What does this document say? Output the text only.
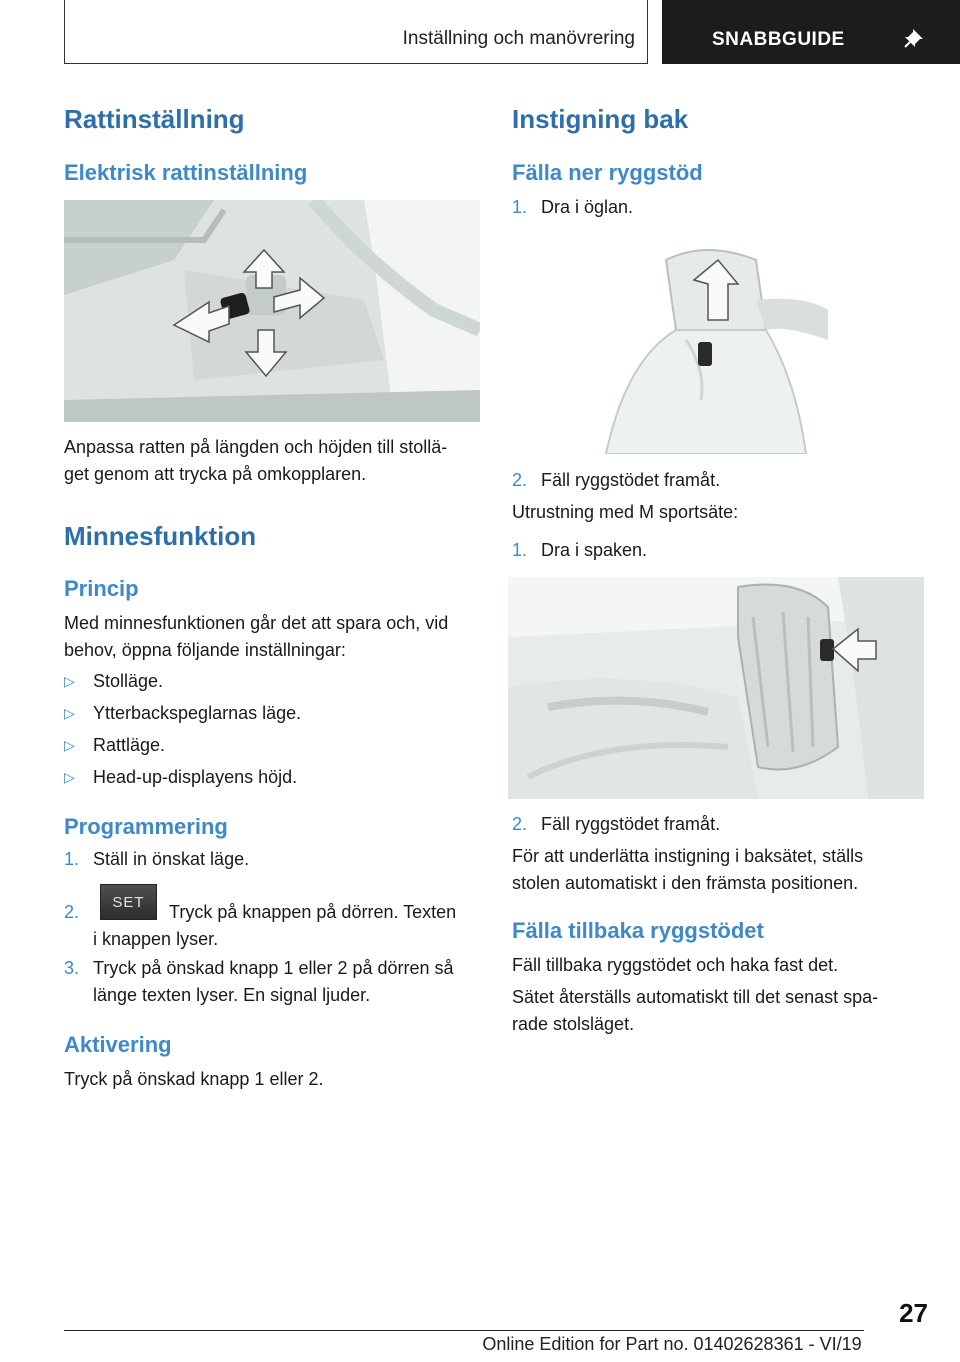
Inställning och manövrering	SNABBGUIDE
Rattinställning
Elektrisk rattinställning

Anpassa ratten på längden och höjden till stollä-
get genom att trycka på omkopplaren.

Minnesfunktion
Princip

Med minnesfunktionen går det att spara och, vid
behov, öppna följande inställningar:

▷ Stolläge.
▷ Ytterbackspeglarnas läge.
▷ Rattläge.
▷ Head-up-displayens höjd.
Programmering
1. Ställ in önskat läge.
2. SET Tryck på knappen på dörren. Texten
i knappen lyser.
3. Tryck på önskad knapp 1 eller 2 på dörren så
länge texten lyser. En signal ljuder.
Aktivering

Tryck på önskad knapp 1 eller 2.

Instigning bak
Fälla ner ryggstöd
1. Dra i öglan.
2. Fäll ryggstödet framåt.

Utrustning med M sportsäte:

1. Dra i spaken.
2. Fäll ryggstödet framåt.

För att underlätta instigning i baksätet, ställs
stolen automatiskt i den främsta positionen.

Fälla tillbaka ryggstödet

Fäll tillbaka ryggstödet och haka fast det.

Sätet återställs automatiskt till det senast spa-
rade stolsläget.

27
Online Edition for Part no. 01402628361 - VI/19
